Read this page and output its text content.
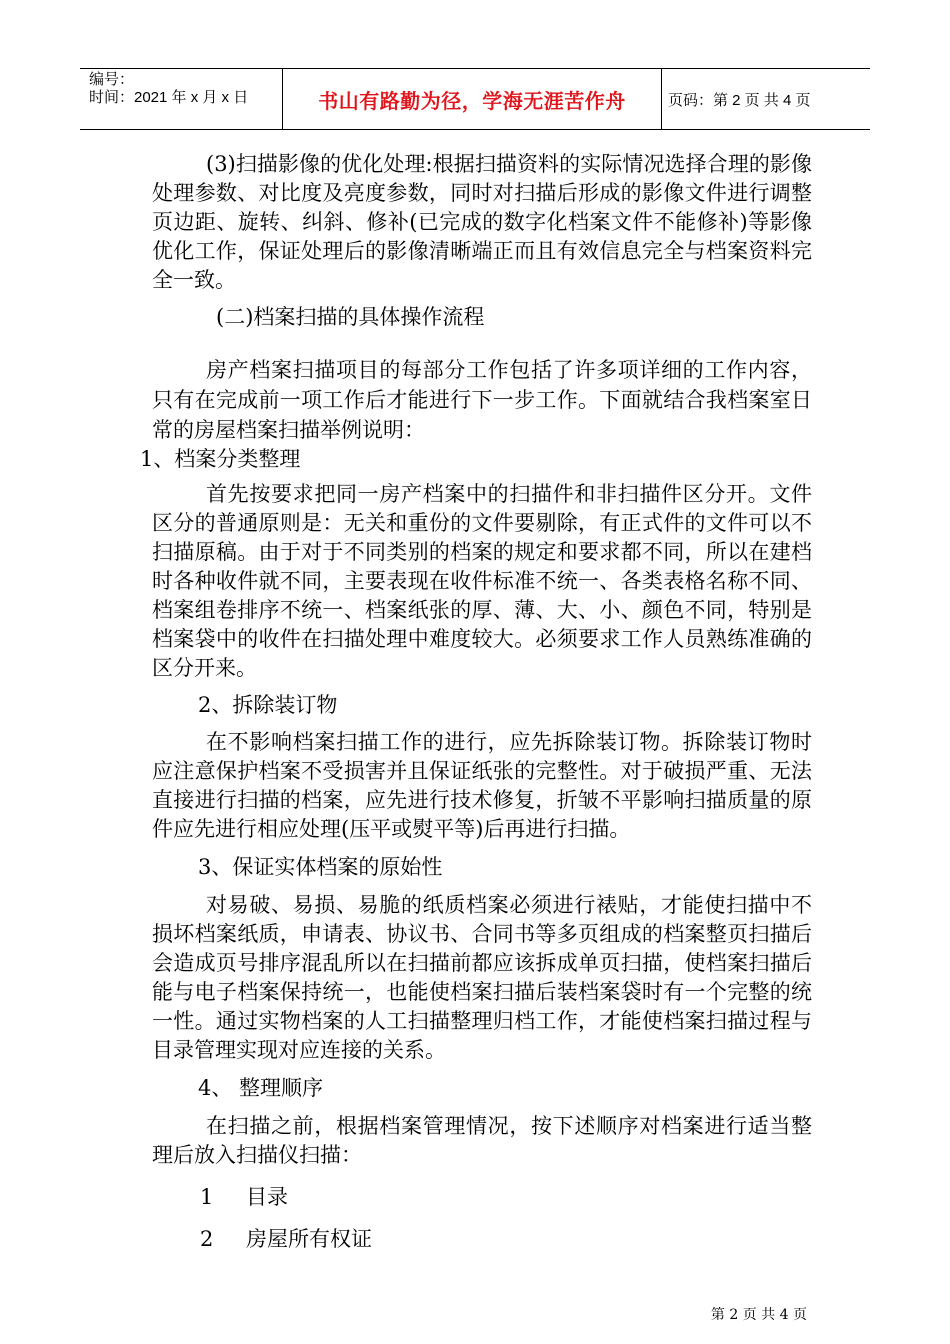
编号：
时间：2021 年 x 月 x 日	书山有路勤为径，学海无涯苦作舟	页码：第 2 页 共 4 页

(3)扫描影像的优化处理:根据扫描资料的实际情况选择合理的影像处理参数、对比度及亮度参数，同时对扫描后形成的影像文件进行调整页边距、旋转、纠斜、修补(已完成的数字化档案文件不能修补)等影像优化工作，保证处理后的影像清晰端正而且有效信息完全与档案资料完全一致。

(二)档案扫描的具体操作流程

房产档案扫描项目的每部分工作包括了许多项详细的工作内容，只有在完成前一项工作后才能进行下一步工作。下面就结合我档案室日常的房屋档案扫描举例说明：

1、档案分类整理

首先按要求把同一房产档案中的扫描件和非扫描件区分开。文件区分的普通原则是：无关和重份的文件要剔除，有正式件的文件可以不扫描原稿。由于对于不同类别的档案的规定和要求都不同，所以在建档时各种收件就不同，主要表现在收件标准不统一、各类表格名称不同、档案组卷排序不统一、档案纸张的厚、薄、大、小、颜色不同，特别是档案袋中的收件在扫描处理中难度较大。必须要求工作人员熟练准确的区分开来。

2、拆除装订物

在不影响档案扫描工作的进行，应先拆除装订物。拆除装订物时应注意保护档案不受损害并且保证纸张的完整性。对于破损严重、无法直接进行扫描的档案，应先进行技术修复，折皱不平影响扫描质量的原件应先进行相应处理(压平或熨平等)后再进行扫描。

3、保证实体档案的原始性

对易破、易损、易脆的纸质档案必须进行裱贴，才能使扫描中不损坏档案纸质，申请表、协议书、合同书等多页组成的档案整页扫描后会造成页号排序混乱所以在扫描前都应该拆成单页扫描，使档案扫描后能与电子档案保持统一，也能使档案扫描后装档案袋时有一个完整的统一性。通过实物档案的人工扫描整理归档工作，才能使档案扫描过程与目录管理实现对应连接的关系。

4、 整理顺序

在扫描之前，根据档案管理情况，按下述顺序对档案进行适当整理后放入扫描仪扫描：

1	目录
2	房屋所有权证
第 2 页 共 4 页
